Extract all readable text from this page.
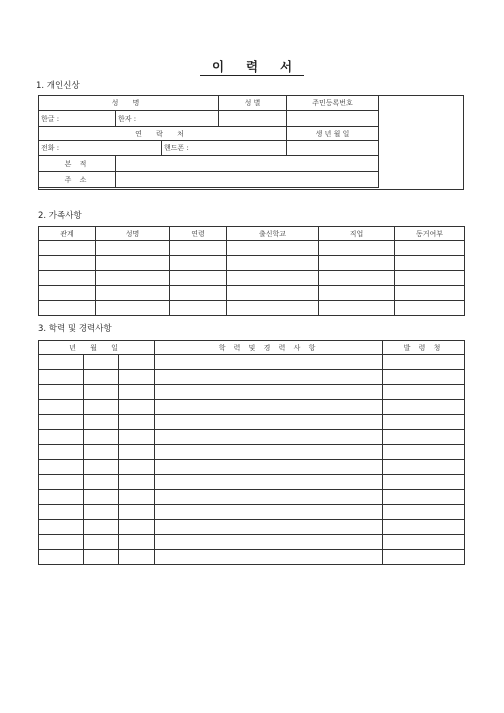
이 력 서
1. 개인신상
성 명			성 별	주민등록번호
한글 :	한자 :			
연 락 처				생 년 월 일
전화 :		핸드폰 :		
본 적				
주 소				
2. 가족사항
관계	성명	연령	출신학교	직업	동거여부

3. 학력 및 경력사항
년 월 일			학 력 및 경 력 사 항	발 령 청
